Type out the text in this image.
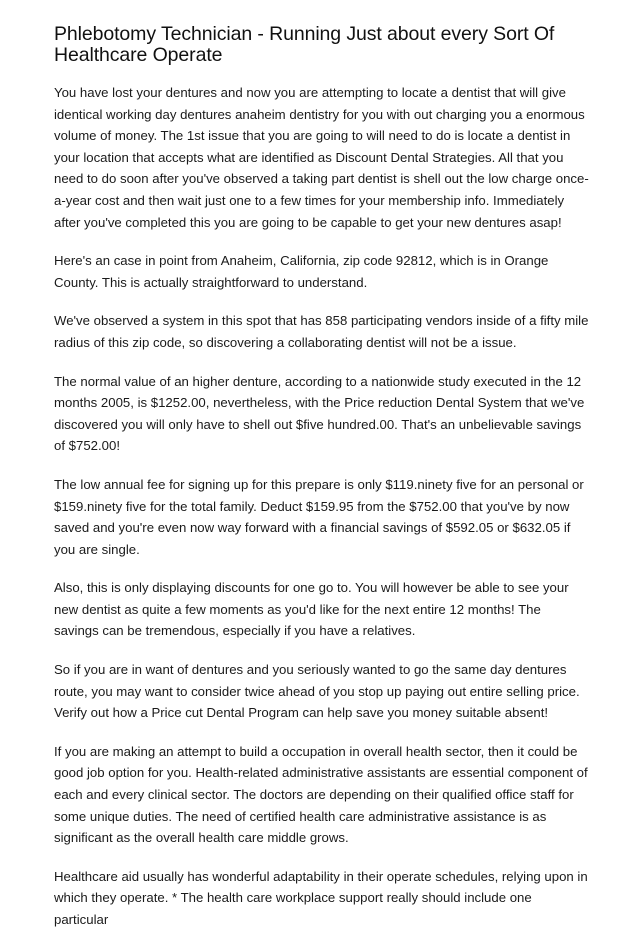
Phlebotomy Technician - Running Just about every Sort Of Healthcare Operate

You have lost your dentures and now you are attempting to locate a dentist that will give identical working day dentures anaheim dentistry for you with out charging you a enormous volume of money. The 1st issue that you are going to will need to do is locate a dentist in your location that accepts what are identified as Discount Dental Strategies. All that you need to do soon after you've observed a taking part dentist is shell out the low charge once-a-year cost and then wait just one to a few times for your membership info. Immediately after you've completed this you are going to be capable to get your new dentures asap!

Here's an case in point from Anaheim, California, zip code 92812, which is in Orange County. This is actually straightforward to understand.

We've observed a system in this spot that has 858 participating vendors inside of a fifty mile radius of this zip code, so discovering a collaborating dentist will not be a issue.

The normal value of an higher denture, according to a nationwide study executed in the 12 months 2005, is $1252.00, nevertheless, with the Price reduction Dental System that we've discovered you will only have to shell out $five hundred.00. That's an unbelievable savings of $752.00!

The low annual fee for signing up for this prepare is only $119.ninety five for an personal or $159.ninety five for the total family. Deduct $159.95 from the $752.00 that you've by now saved and you're even now way forward with a financial savings of $592.05 or $632.05 if you are single.

Also, this is only displaying discounts for one go to. You will however be able to see your new dentist as quite a few moments as you'd like for the next entire 12 months! The savings can be tremendous, especially if you have a relatives.

So if you are in want of dentures and you seriously wanted to go the same day dentures route, you may want to consider twice ahead of you stop up paying out entire selling price. Verify out how a Price cut Dental Program can help save you money suitable absent!

If you are making an attempt to build a occupation in overall health sector, then it could be good job option for you. Health-related administrative assistants are essential component of each and every clinical sector. The doctors are depending on their qualified office staff for some unique duties. The need of certified health care administrative assistance is as significant as the overall health care middle grows.

Healthcare aid usually has wonderful adaptability in their operate schedules, relying upon in which they operate. * The health care workplace support really should include one particular
